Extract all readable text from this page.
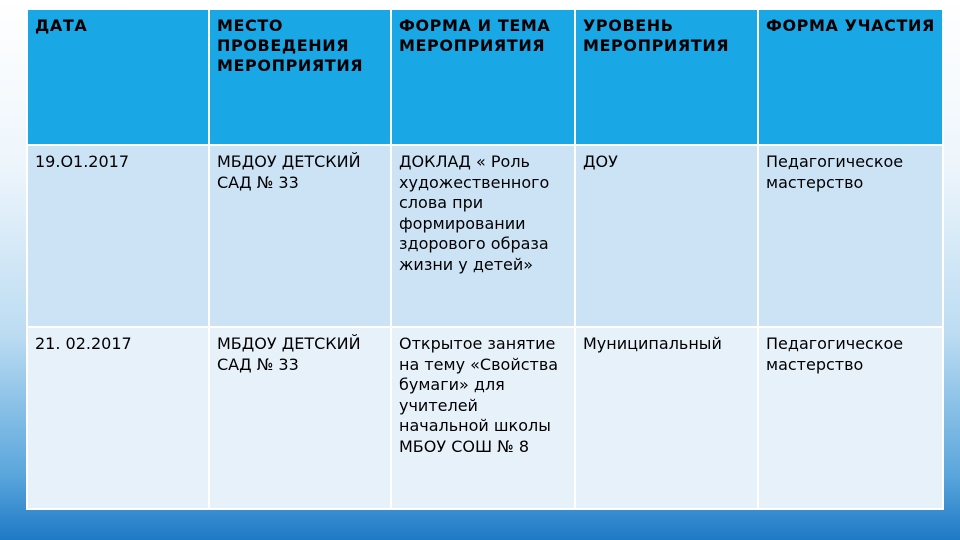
ДАТА	МЕСТО ПРОВЕДЕНИЯ МЕРОПРИЯТИЯ	ФОРМА И ТЕМА МЕРОПРИЯТИЯ	УРОВЕНЬ МЕРОПРИЯТИЯ	ФОРМА УЧАСТИЯ
19.О1.2017	МБДОУ ДЕТСКИЙ САД № 33	ДОКЛАД « Роль художественного слова при формировании здорового образа жизни у детей»	ДОУ	Педагогическое мастерство
21. 02.2017	МБДОУ ДЕТСКИЙ САД № 33	Открытое занятие на тему «Свойства бумаги» для учителей начальной школы МБОУ СОШ № 8	Муниципальный	Педагогическое мастерство
